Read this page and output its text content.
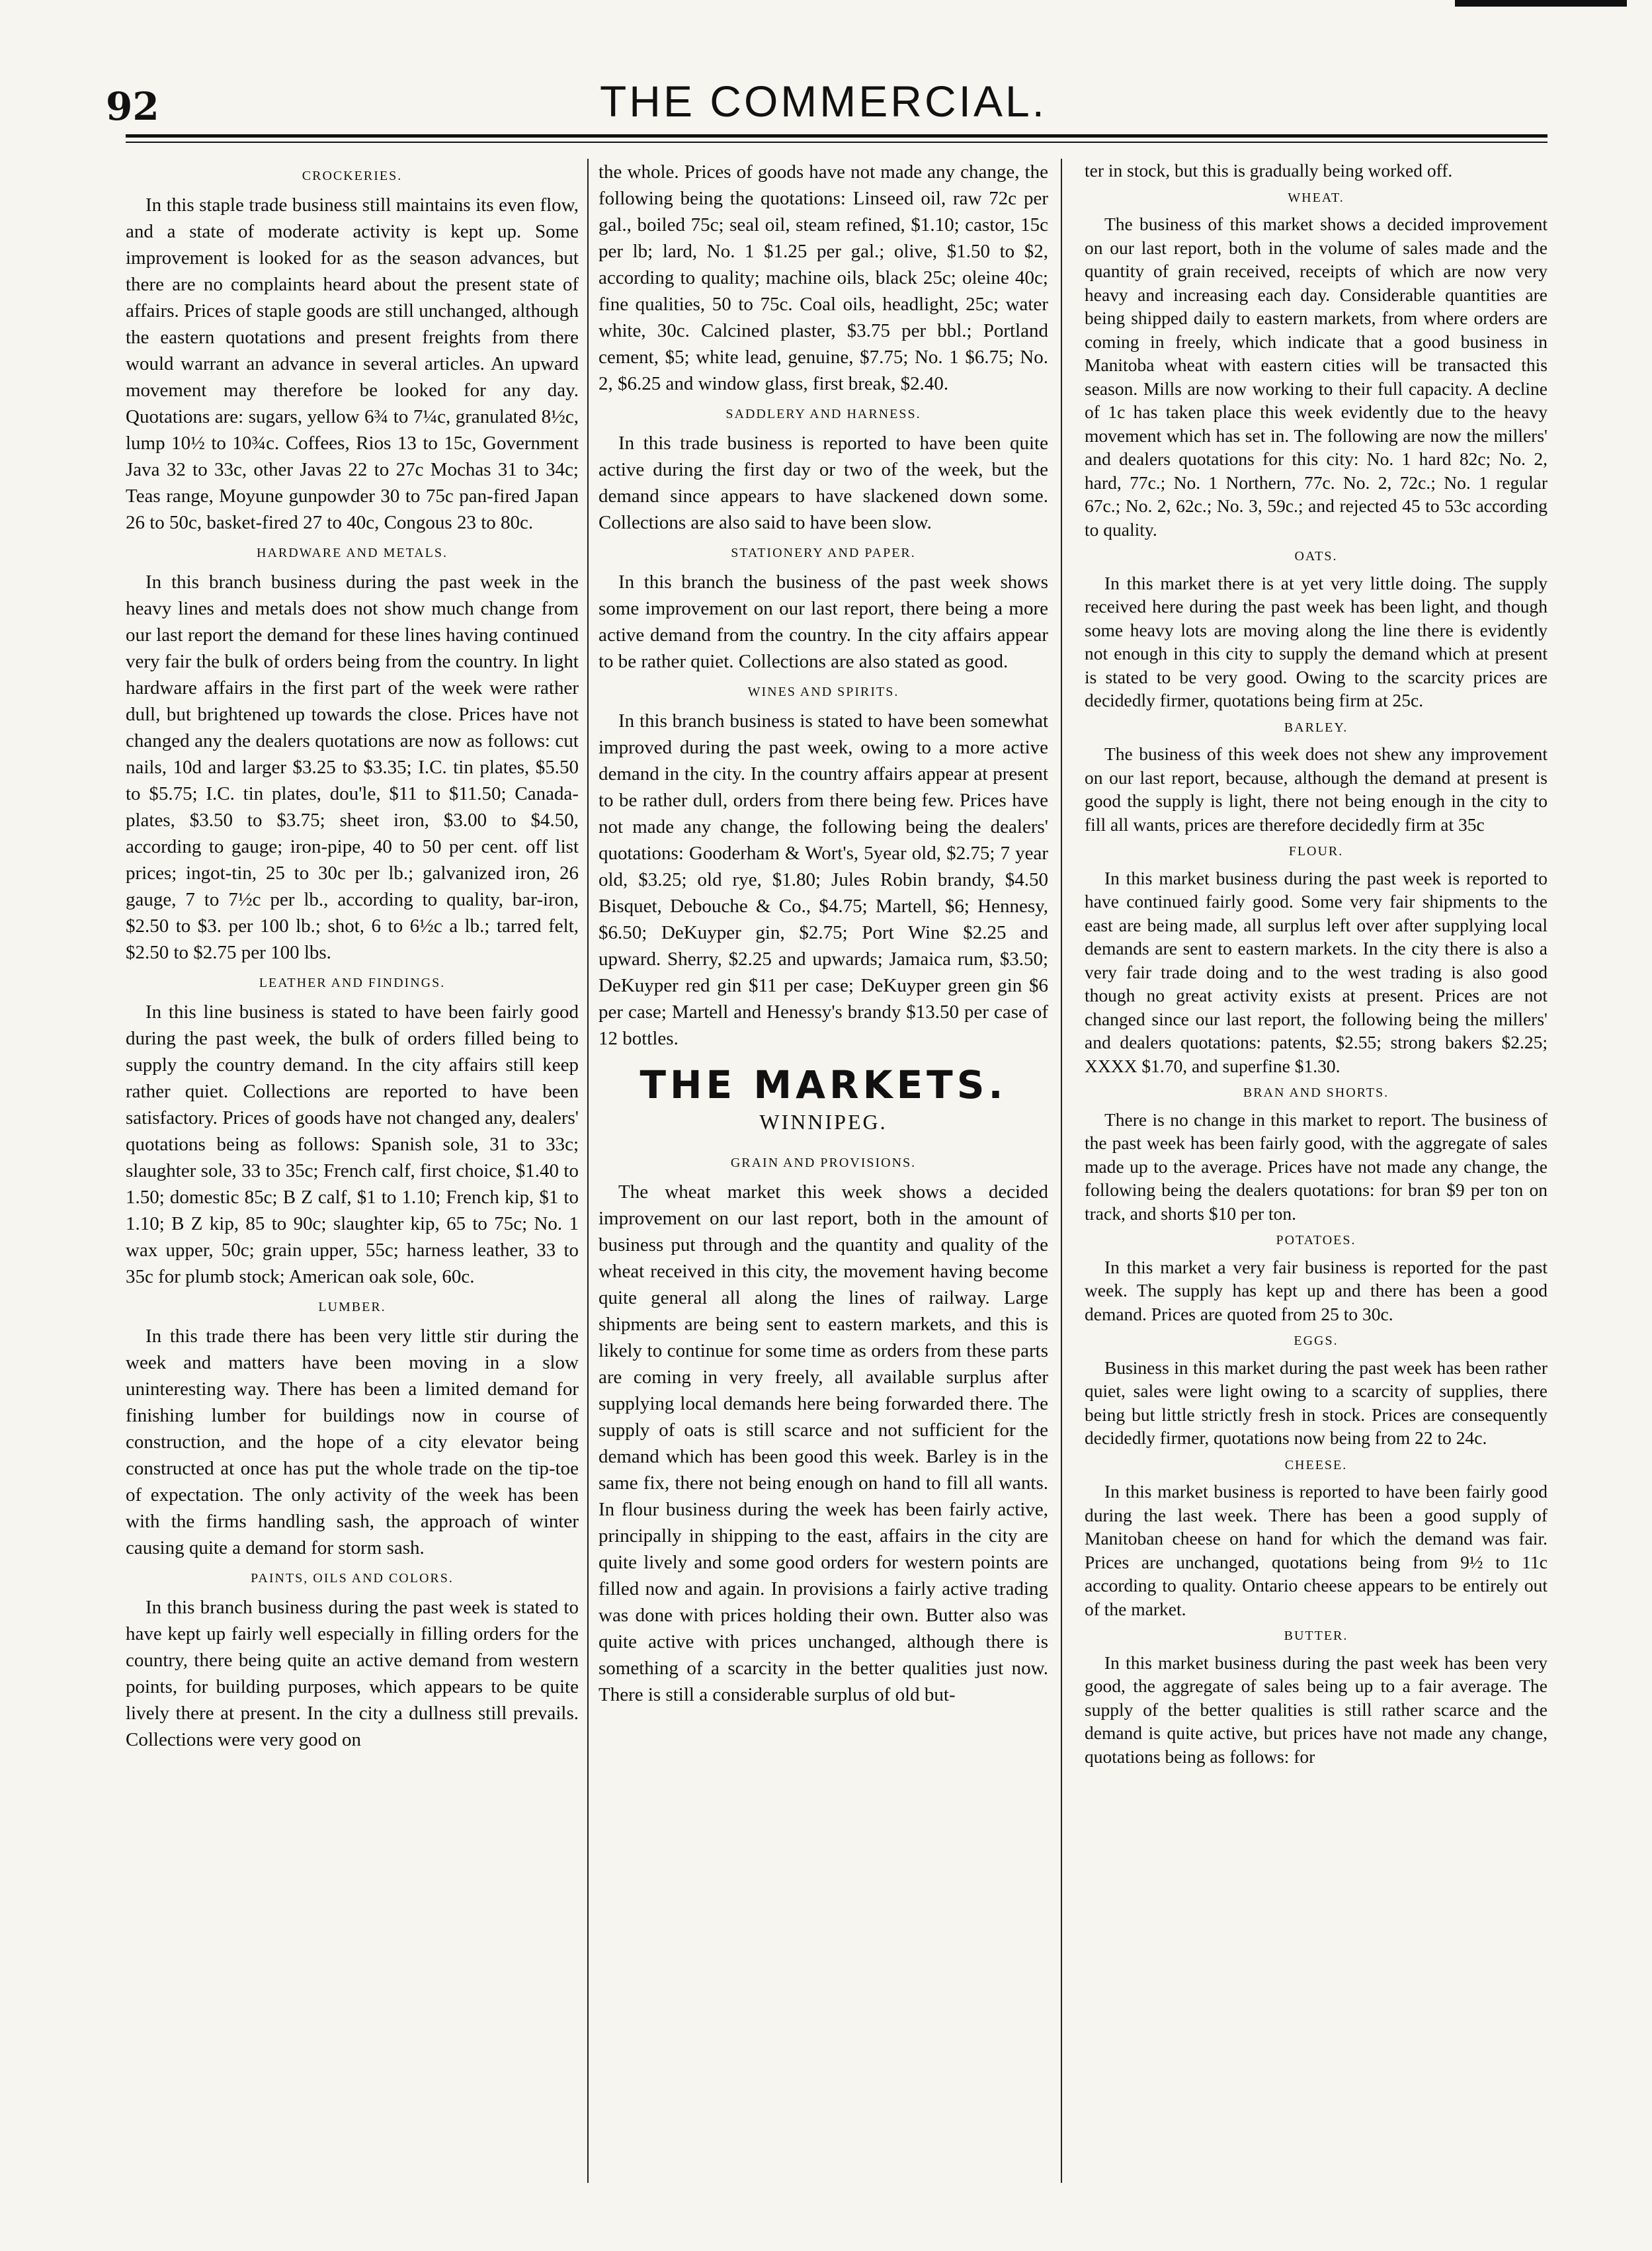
92	THE COMMERCIAL.
CROCKERIES.

In this staple trade business still maintains its even flow, and a state of moderate activity is kept up. Some improvement is looked for as the season advances, but there are no complaints heard about the present state of affairs. Prices of staple goods are still unchanged, although the eastern quotations and present freights from there would warrant an advance in several articles. An upward movement may therefore be looked for any day. Quotations are: sugars, yellow 6¾ to 7¼c, granulated 8½c, lump 10½ to 10¾c. Coffees, Rios 13 to 15c, Government Java 32 to 33c, other Javas 22 to 27c Mochas 31 to 34c; Teas range, Moyune gunpowder 30 to 75c pan-fired Japan 26 to 50c, basket-fired 27 to 40c, Congous 23 to 80c.

HARDWARE AND METALS.

In this branch business during the past week in the heavy lines and metals does not show much change from our last report the demand for these lines having continued very fair the bulk of orders being from the country. In light hardware affairs in the first part of the week were rather dull, but brightened up towards the close. Prices have not changed any the dealers quotations are now as follows: cut nails, 10d and larger $3.25 to $3.35; I.C. tin plates, $5.50 to $5.75; I.C. tin plates, dou'le, $11 to $11.50; Canada-plates, $3.50 to $3.75; sheet iron, $3.00 to $4.50, according to gauge; iron-pipe, 40 to 50 per cent. off list prices; ingot-tin, 25 to 30c per lb.; galvanized iron, 26 gauge, 7 to 7½c per lb., according to quality, bar-iron, $2.50 to $3. per 100 lb.; shot, 6 to 6½c a lb.; tarred felt, $2.50 to $2.75 per 100 lbs.

LEATHER AND FINDINGS.

In this line business is stated to have been fairly good during the past week, the bulk of orders filled being to supply the country demand. In the city affairs still keep rather quiet. Collections are reported to have been satisfactory. Prices of goods have not changed any, dealers' quotations being as follows: Spanish sole, 31 to 33c; slaughter sole, 33 to 35c; French calf, first choice, $1.40 to 1.50; domestic 85c; B Z calf, $1 to 1.10; French kip, $1 to 1.10; B Z kip, 85 to 90c; slaughter kip, 65 to 75c; No. 1 wax upper, 50c; grain upper, 55c; harness leather, 33 to 35c for plumb stock; American oak sole, 60c.

LUMBER.

In this trade there has been very little stir during the week and matters have been moving in a slow uninteresting way. There has been a limited demand for finishing lumber for buildings now in course of construction, and the hope of a city elevator being constructed at once has put the whole trade on the tip-toe of expectation. The only activity of the week has been with the firms handling sash, the approach of winter causing quite a demand for storm sash.

PAINTS, OILS AND COLORS.

In this branch business during the past week is stated to have kept up fairly well especially in filling orders for the country, there being quite an active demand from western points, for building purposes, which appears to be quite lively there at present. In the city a dullness still prevails. Collections were very good on

the whole. Prices of goods have not made any change, the following being the quotations: Linseed oil, raw 72c per gal., boiled 75c; seal oil, steam refined, $1.10; castor, 15c per lb; lard, No. 1 $1.25 per gal.; olive, $1.50 to $2, according to quality; machine oils, black 25c; oleine 40c; fine qualities, 50 to 75c. Coal oils, headlight, 25c; water white, 30c. Calcined plaster, $3.75 per bbl.; Portland cement, $5; white lead, genuine, $7.75; No. 1 $6.75; No. 2, $6.25 and window glass, first break, $2.40.

SADDLERY AND HARNESS.

In this trade business is reported to have been quite active during the first day or two of the week, but the demand since appears to have slackened down some. Collections are also said to have been slow.

STATIONERY AND PAPER.

In this branch the business of the past week shows some improvement on our last report, there being a more active demand from the country. In the city affairs appear to be rather quiet. Collections are also stated as good.

WINES AND SPIRITS.

In this branch business is stated to have been somewhat improved during the past week, owing to a more active demand in the city. In the country affairs appear at present to be rather dull, orders from there being few. Prices have not made any change, the following being the dealers' quotations: Gooderham & Wort's, 5year old, $2.75; 7 year old, $3.25; old rye, $1.80; Jules Robin brandy, $4.50 Bisquet, Debouche & Co., $4.75; Martell, $6; Hennesy, $6.50; DeKuyper gin, $2.75; Port Wine $2.25 and upward. Sherry, $2.25 and upwards; Jamaica rum, $3.50; DeKuyper red gin $11 per case; DeKuyper green gin $6 per case; Martell and Henessy's brandy $13.50 per case of 12 bottles.

THE MARKETS.
WINNIPEG.
GRAIN AND PROVISIONS.

The wheat market this week shows a decided improvement on our last report, both in the amount of business put through and the quantity and quality of the wheat received in this city, the movement having become quite general all along the lines of railway. Large shipments are being sent to eastern markets, and this is likely to continue for some time as orders from these parts are coming in very freely, all available surplus after supplying local demands here being forwarded there. The supply of oats is still scarce and not sufficient for the demand which has been good this week. Barley is in the same fix, there not being enough on hand to fill all wants. In flour business during the week has been fairly active, principally in shipping to the east, affairs in the city are quite lively and some good orders for western points are filled now and again. In provisions a fairly active trading was done with prices holding their own. Butter also was quite active with prices unchanged, although there is something of a scarcity in the better qualities just now. There is still a considerable surplus of old but-

ter in stock, but this is gradually being worked off.

WHEAT.

The business of this market shows a decided improvement on our last report, both in the volume of sales made and the quantity of grain received, receipts of which are now very heavy and increasing each day. Considerable quantities are being shipped daily to eastern markets, from where orders are coming in freely, which indicate that a good business in Manitoba wheat with eastern cities will be transacted this season. Mills are now working to their full capacity. A decline of 1c has taken place this week evidently due to the heavy movement which has set in. The following are now the millers' and dealers quotations for this city: No. 1 hard 82c; No. 2, hard, 77c.; No. 1 Northern, 77c. No. 2, 72c.; No. 1 regular 67c.; No. 2, 62c.; No. 3, 59c.; and rejected 45 to 53c according to quality.

OATS.

In this market there is at yet very little doing. The supply received here during the past week has been light, and though some heavy lots are moving along the line there is evidently not enough in this city to supply the demand which at present is stated to be very good. Owing to the scarcity prices are decidedly firmer, quotations being firm at 25c.

BARLEY.

The business of this week does not shew any improvement on our last report, because, although the demand at present is good the supply is light, there not being enough in the city to fill all wants, prices are therefore decidedly firm at 35c

FLOUR.

In this market business during the past week is reported to have continued fairly good. Some very fair shipments to the east are being made, all surplus left over after supplying local demands are sent to eastern markets. In the city there is also a very fair trade doing and to the west trading is also good though no great activity exists at present. Prices are not changed since our last report, the following being the millers' and dealers quotations: patents, $2.55; strong bakers $2.25; XXXX $1.70, and superfine $1.30.

BRAN AND SHORTS.

There is no change in this market to report. The business of the past week has been fairly good, with the aggregate of sales made up to the average. Prices have not made any change, the following being the dealers quotations: for bran $9 per ton on track, and shorts $10 per ton.

POTATOES.

In this market a very fair business is reported for the past week. The supply has kept up and there has been a good demand. Prices are quoted from 25 to 30c.

EGGS.

Business in this market during the past week has been rather quiet, sales were light owing to a scarcity of supplies, there being but little strictly fresh in stock. Prices are consequently decidedly firmer, quotations now being from 22 to 24c.

CHEESE.

In this market business is reported to have been fairly good during the last week. There has been a good supply of Manitoban cheese on hand for which the demand was fair. Prices are unchanged, quotations being from 9½ to 11c according to quality. Ontario cheese appears to be entirely out of the market.

BUTTER.

In this market business during the past week has been very good, the aggregate of sales being up to a fair average. The supply of the better qualities is still rather scarce and the demand is quite active, but prices have not made any change, quotations being as follows: for
